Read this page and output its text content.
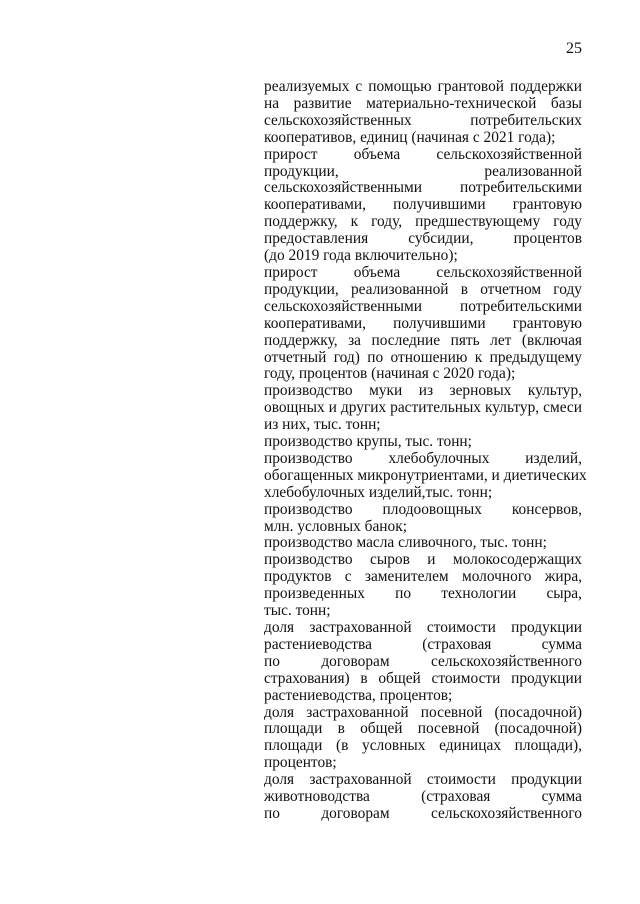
25
реализуемых с помощью грантовой поддержки
на развитие материально-технической базы
сельскохозяйственных потребительских
кооперативов, единиц (начиная с 2021 года);
прирост объема сельскохозяйственной
продукции, реализованной
сельскохозяйственными потребительскими
кооперативами, получившими грантовую
поддержку, к году, предшествующему году
предоставления субсидии, процентов
(до 2019 года включительно);
прирост объема сельскохозяйственной
продукции, реализованной в отчетном году
сельскохозяйственными потребительскими
кооперативами, получившими грантовую
поддержку, за последние пять лет (включая
отчетный год) по отношению к предыдущему
году, процентов (начиная с 2020 года);
производство муки из зерновых культур,
овощных и других растительных культур, смеси
из них, тыс. тонн;
производство крупы, тыс. тонн;
производство хлебобулочных изделий,
обогащенных микронутриентами, и диетических
хлебобулочных изделий,тыс. тонн;
производство плодоовощных консервов,
млн. условных банок;
производство масла сливочного, тыс. тонн;
производство сыров и молокосодержащих
продуктов с заменителем молочного жира,
произведенных по технологии сыра,
тыс. тонн;
доля застрахованной стоимости продукции
растениеводства (страховая сумма
по договорам сельскохозяйственного
страхования) в общей стоимости продукции
растениеводства, процентов;
доля застрахованной посевной (посадочной)
площади в общей посевной (посадочной)
площади (в условных единицах площади),
процентов;
доля застрахованной стоимости продукции
животноводства (страховая сумма
по договорам сельскохозяйственного
